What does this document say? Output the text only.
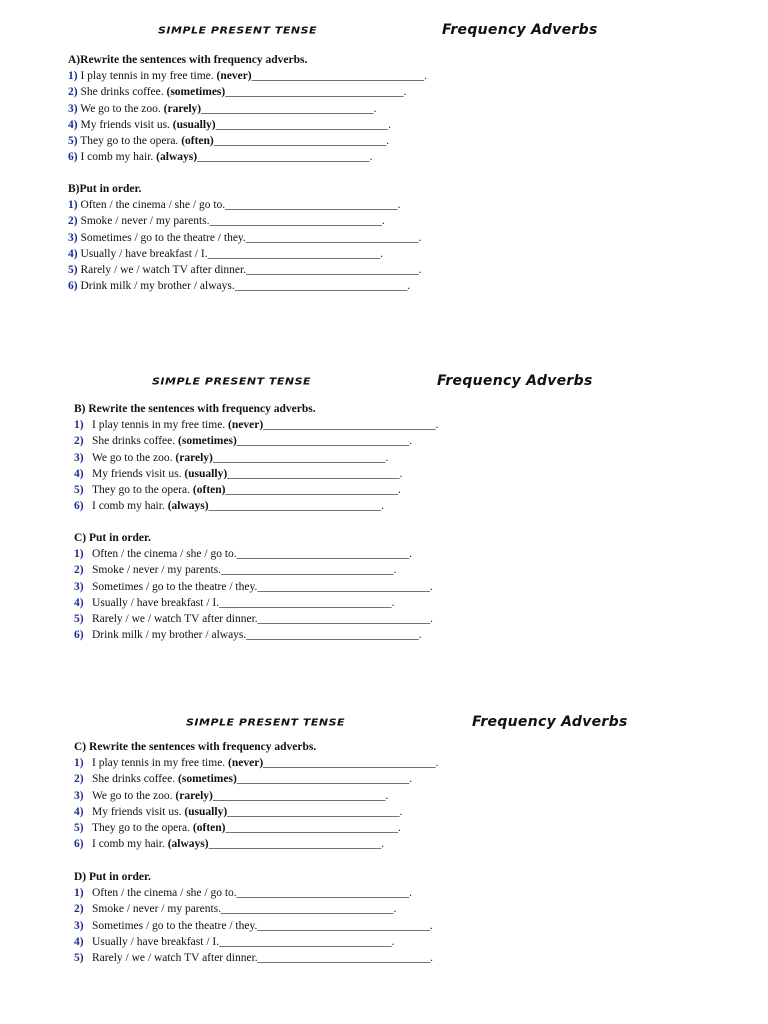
SIMPLE PRESENT TENSE	Frequency Adverbs
A)Rewrite the sentences with frequency adverbs.
1) I play tennis in my free time. (never)______________________________.
2) She drinks coffee. (sometimes)_______________________________.
3) We go to the zoo. (rarely)______________________________.
4) My friends visit us. (usually)______________________________.
5) They go to the opera. (often)______________________________.
6) I comb my hair. (always)______________________________.
B)Put in order.
1) Often / the cinema / she / go to.______________________________.
2) Smoke / never / my parents.______________________________.
3) Sometimes / go to the theatre / they.______________________________.
4) Usually / have breakfast / I.______________________________.
5) Rarely / we / watch TV after dinner.______________________________.
6) Drink milk / my brother / always.______________________________.
SIMPLE PRESENT TENSE	Frequency Adverbs
B) Rewrite the sentences with frequency adverbs.
1) I play tennis in my free time. (never)______________________________.
2) She drinks coffee. (sometimes)______________________________.
3) We go to the zoo. (rarely)______________________________.
4) My friends visit us. (usually)______________________________.
5) They go to the opera. (often)______________________________.
6) I comb my hair. (always)______________________________.
C) Put in order.
1) Often / the cinema / she / go to.______________________________.
2) Smoke / never / my parents.______________________________.
3) Sometimes / go to the theatre / they.______________________________.
4) Usually / have breakfast / I.______________________________.
5) Rarely / we / watch TV after dinner.______________________________.
6) Drink milk / my brother / always.______________________________.
SIMPLE PRESENT TENSE	Frequency Adverbs
C) Rewrite the sentences with frequency adverbs.
1) I play tennis in my free time. (never)______________________________.
2) She drinks coffee. (sometimes)______________________________.
3) We go to the zoo. (rarely)______________________________.
4) My friends visit us. (usually)______________________________.
5) They go to the opera. (often)______________________________.
6) I comb my hair. (always)______________________________.
D) Put in order.
1) Often / the cinema / she / go to.______________________________.
2) Smoke / never / my parents.______________________________.
3) Sometimes / go to the theatre / they.______________________________.
4) Usually / have breakfast / I.______________________________.
5) Rarely / we / watch TV after dinner.______________________________.
